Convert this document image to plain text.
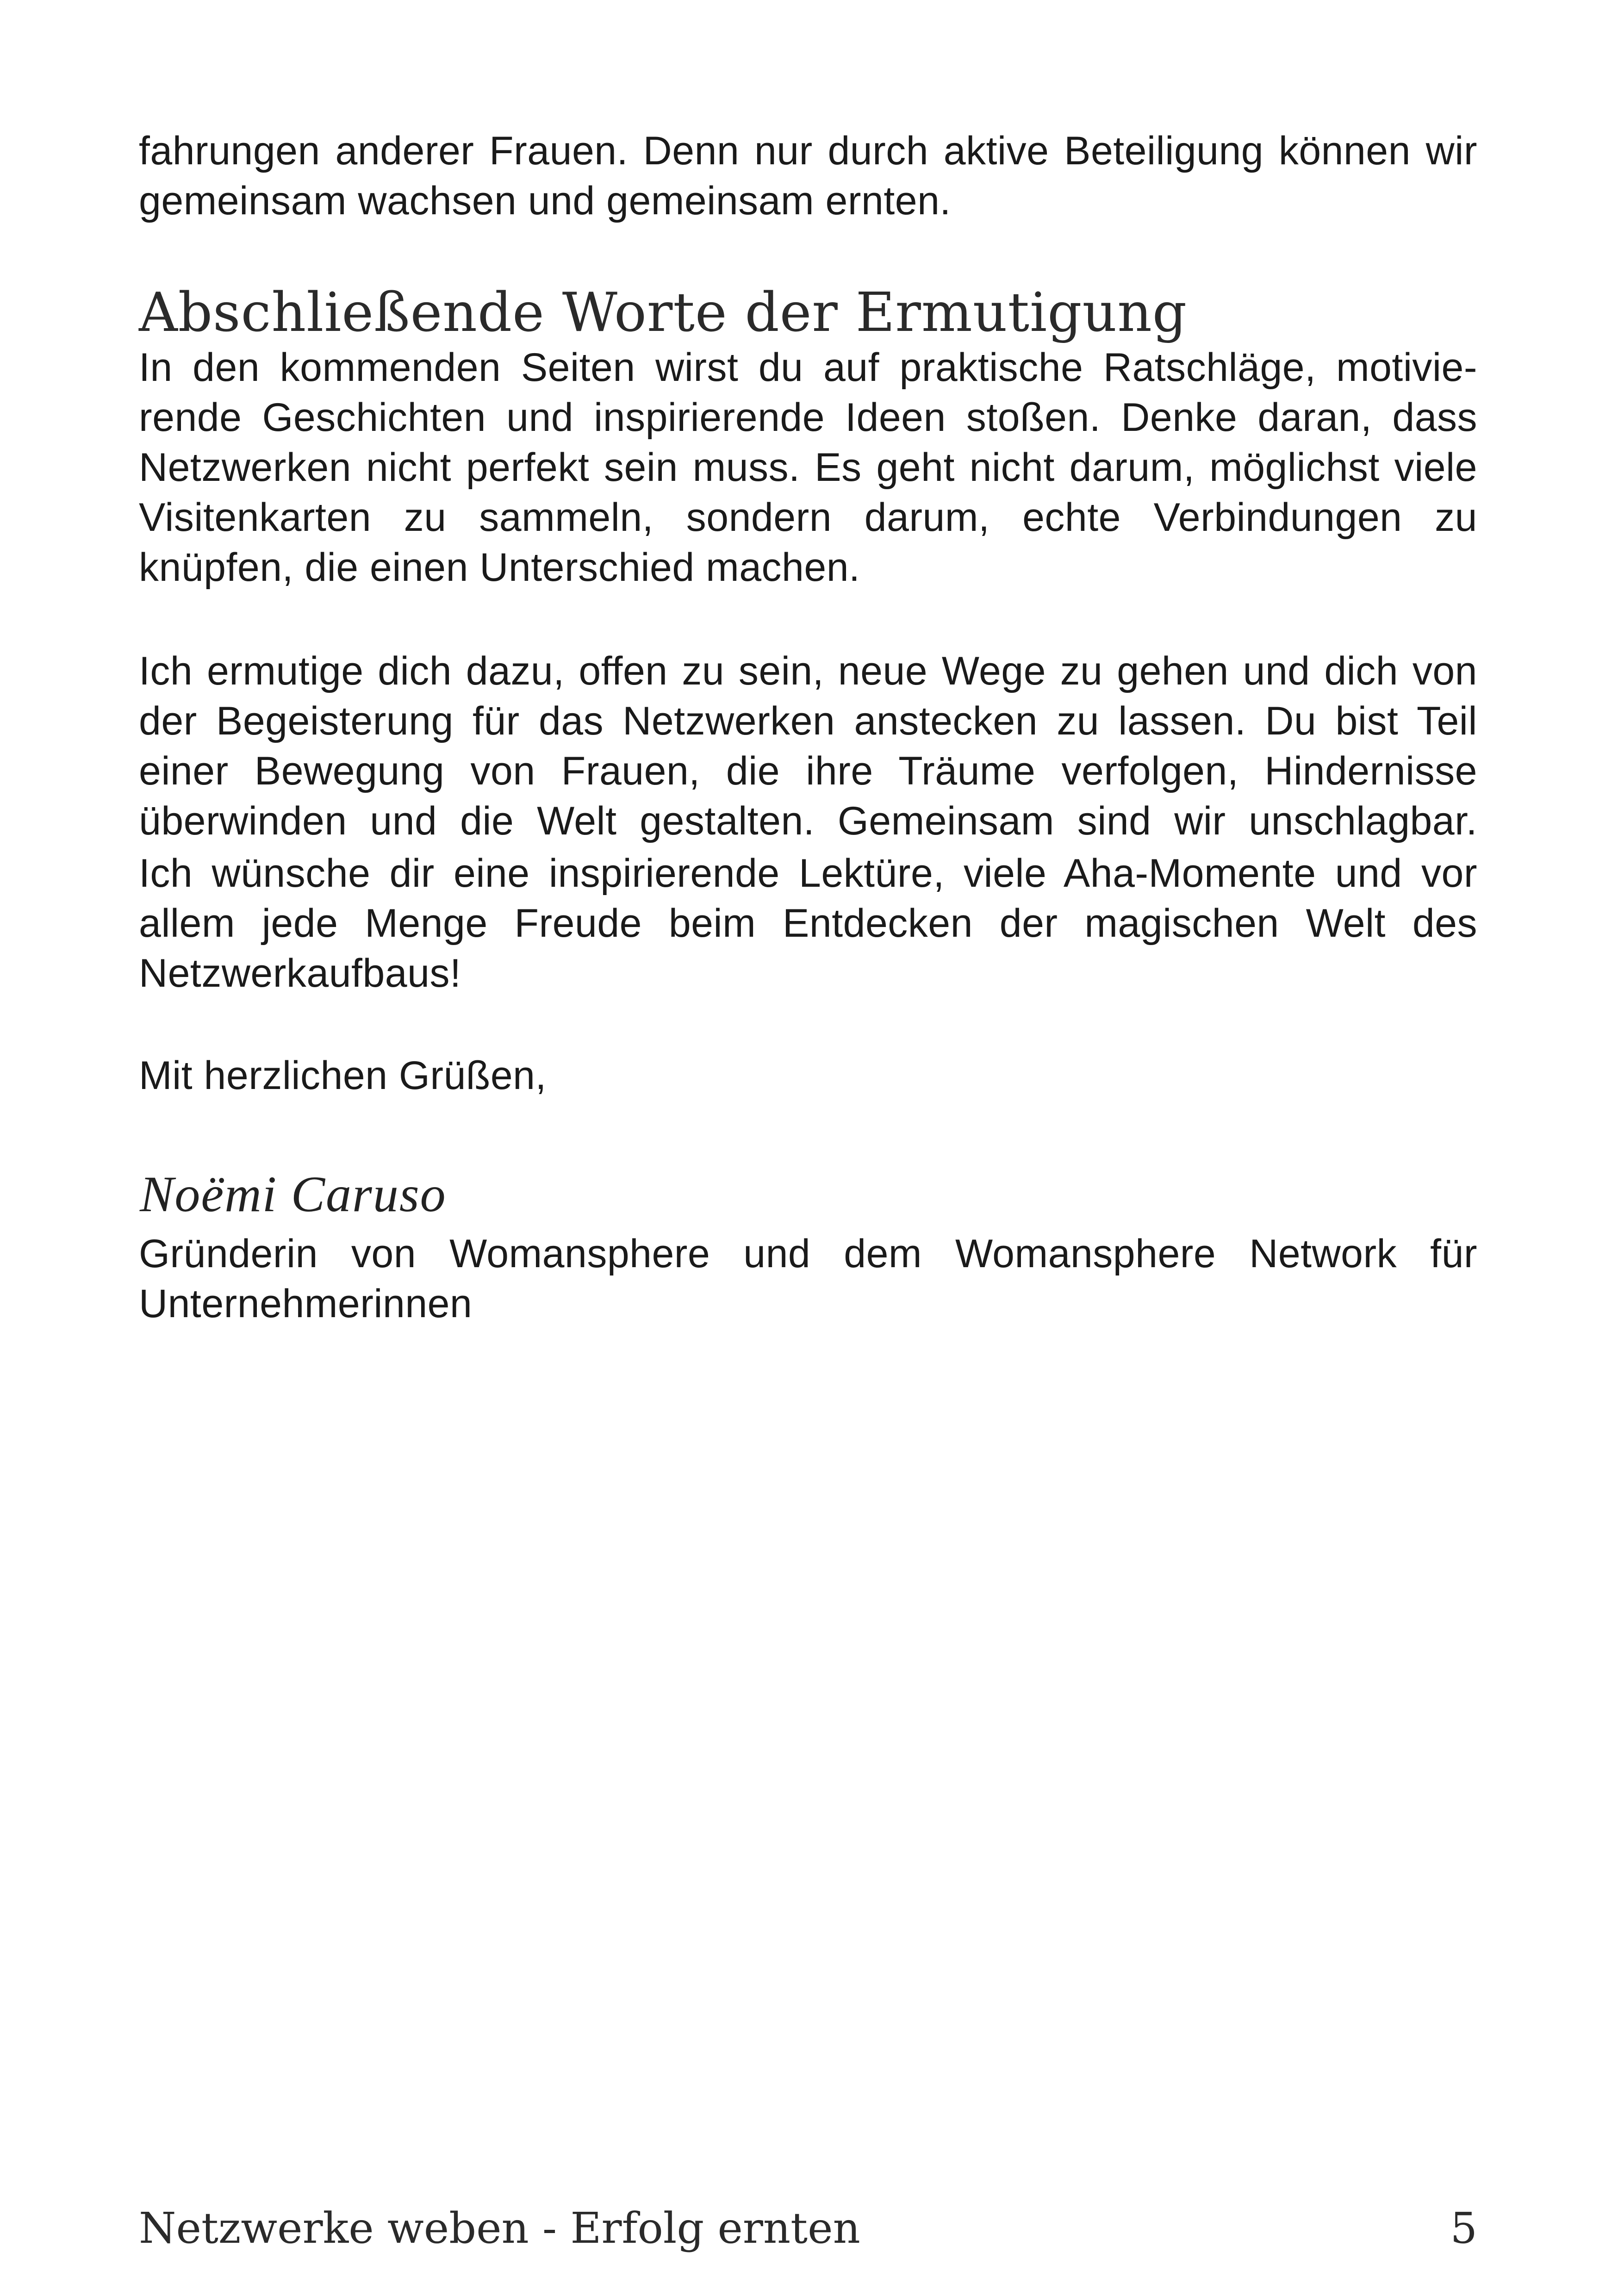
fahrungen anderer Frauen. Denn nur durch aktive Beteiligung können wir gemeinsam wachsen und gemeinsam ernten.

Abschließende Worte der Ermutigung

In den kommenden Seiten wirst du auf praktische Ratschläge, motivie-rende Geschichten und inspirierende Ideen stoßen. Denke daran, dass Netzwerken nicht perfekt sein muss. Es geht nicht darum, möglichst viele Visitenkarten zu sammeln, sondern darum, echte Verbindungen zu knüpfen, die einen Unterschied machen.

Ich ermutige dich dazu, offen zu sein, neue Wege zu gehen und dich von der Begeisterung für das Netzwerken anstecken zu lassen. Du bist Teil einer Bewegung von Frauen, die ihre Träume verfolgen, Hindernisse überwinden und die Welt gestalten. Gemeinsam sind wir unschlagbar.

Ich wünsche dir eine inspirierende Lektüre, viele Aha-Momente und vor allem jede Menge Freude beim Entdecken der magischen Welt des Netzwerkaufbaus!

Mit herzlichen Grüßen,

Noëmi Caruso

Gründerin von Womansphere und dem Womansphere Network für Unternehmerinnen

Netzwerke weben - Erfolg ernten	5
